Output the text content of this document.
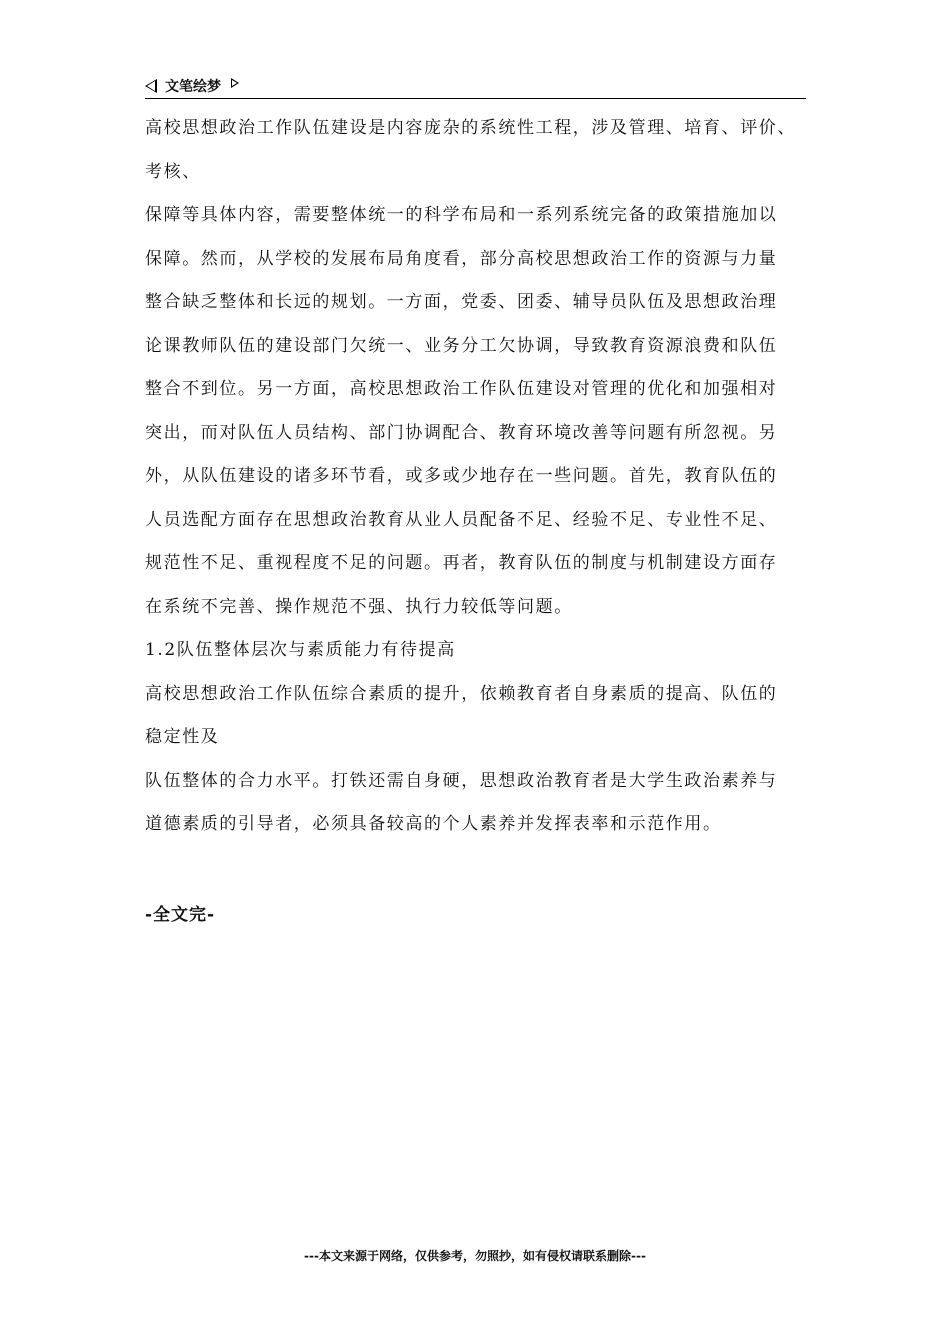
文笔绘梦
高校思想政治工作队伍建设是内容庞杂的系统性工程，涉及管理、培育、评价、
考核、
保障等具体内容，需要整体统一的科学布局和一系列系统完备的政策措施加以
保障。然而，从学校的发展布局角度看，部分高校思想政治工作的资源与力量
整合缺乏整体和长远的规划。一方面，党委、团委、辅导员队伍及思想政治理
论课教师队伍的建设部门欠统一、业务分工欠协调，导致教育资源浪费和队伍
整合不到位。另一方面，高校思想政治工作队伍建设对管理的优化和加强相对
突出，而对队伍人员结构、部门协调配合、教育环境改善等问题有所忽视。另
外，从队伍建设的诸多环节看，或多或少地存在一些问题。首先，教育队伍的
人员选配方面存在思想政治教育从业人员配备不足、经验不足、专业性不足、
规范性不足、重视程度不足的问题。再者，教育队伍的制度与机制建设方面存
在系统不完善、操作规范不强、执行力较低等问题。
1.2队伍整体层次与素质能力有待提高
高校思想政治工作队伍综合素质的提升，依赖教育者自身素质的提高、队伍的
稳定性及
队伍整体的合力水平。打铁还需自身硬，思想政治教育者是大学生政治素养与
道德素质的引导者，必须具备较高的个人素养并发挥表率和示范作用。
-全文完-
---本文来源于网络，仅供参考，勿照抄，如有侵权请联系删除---
